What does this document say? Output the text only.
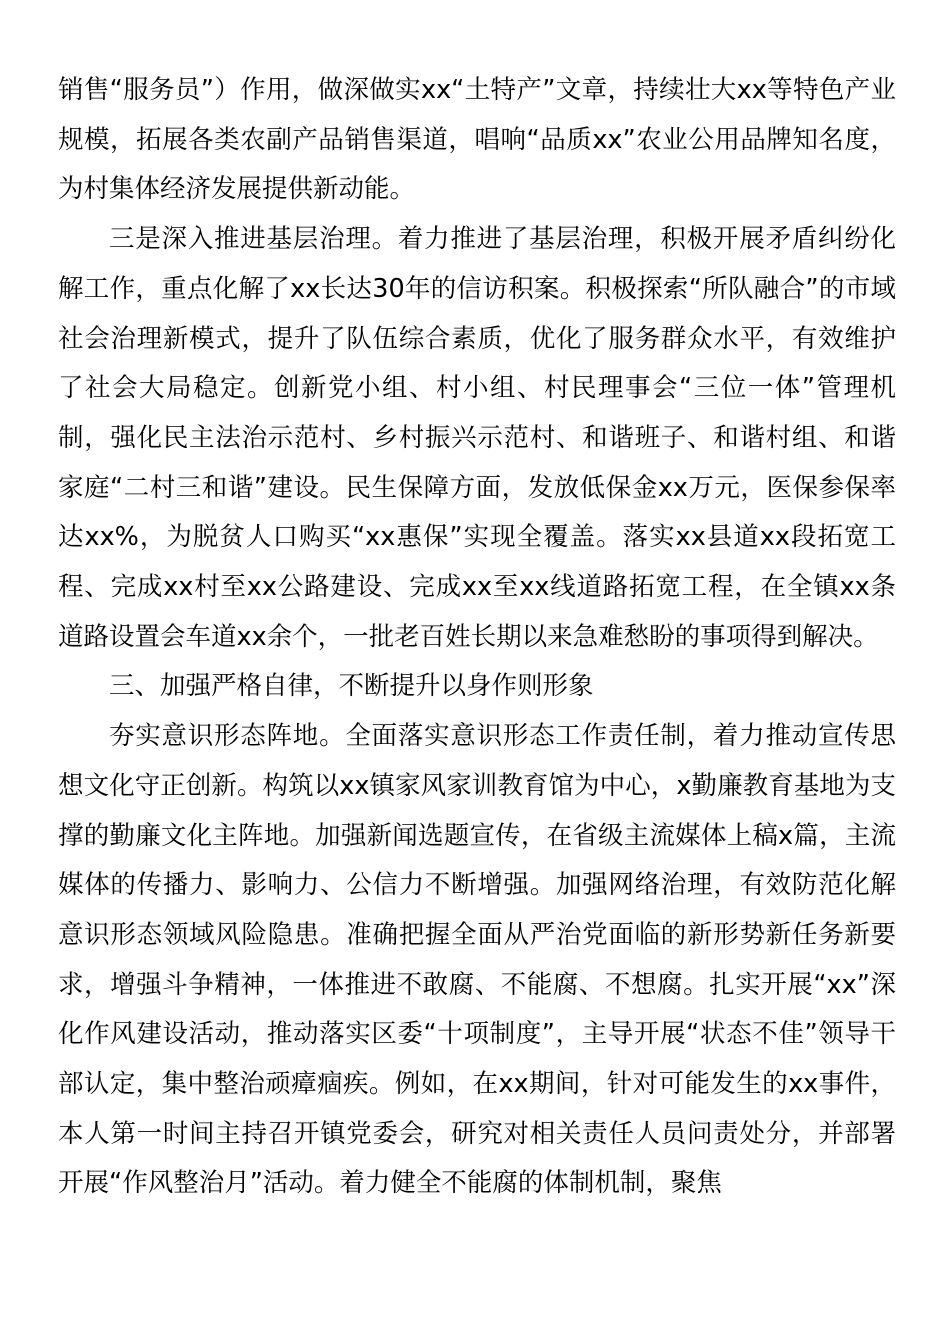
销售“服务员”）作用，做深做实xx“土特产”文章，持续壮大xx等特色产业规模，拓展各类农副产品销售渠道，唱响“品质xx”农业公用品牌知名度，为村集体经济发展提供新动能。

三是深入推进基层治理。着力推进了基层治理，积极开展矛盾纠纷化解工作，重点化解了xx长达30年的信访积案。积极探索“所队融合”的市域社会治理新模式，提升了队伍综合素质，优化了服务群众水平，有效维护了社会大局稳定。创新党小组、村小组、村民理事会“三位一体”管理机制，强化民主法治示范村、乡村振兴示范村、和谐班子、和谐村组、和谐家庭“二村三和谐”建设。民生保障方面，发放低保金xx万元，医保参保率达xx%，为脱贫人口购买“xx惠保”实现全覆盖。落实xx县道xx段拓宽工程、完成xx村至xx公路建设、完成xx至xx线道路拓宽工程，在全镇xx条道路设置会车道xx余个，一批老百姓长期以来急难愁盼的事项得到解决。

三、加强严格自律，不断提升以身作则形象

夯实意识形态阵地。全面落实意识形态工作责任制，着力推动宣传思想文化守正创新。构筑以xx镇家风家训教育馆为中心，x勤廉教育基地为支撑的勤廉文化主阵地。加强新闻选题宣传，在省级主流媒体上稿x篇，主流媒体的传播力、影响力、公信力不断增强。加强网络治理，有效防范化解意识形态领域风险隐患。准确把握全面从严治党面临的新形势新任务新要求，增强斗争精神，一体推进不敢腐、不能腐、不想腐。扎实开展“xx”深化作风建设活动，推动落实区委“十项制度”，主导开展“状态不佳”领导干部认定，集中整治顽瘴痼疾。例如，在xx期间，针对可能发生的xx事件，本人第一时间主持召开镇党委会，研究对相关责任人员问责处分，并部署开展“作风整治月”活动。着力健全不能腐的体制机制，聚焦
